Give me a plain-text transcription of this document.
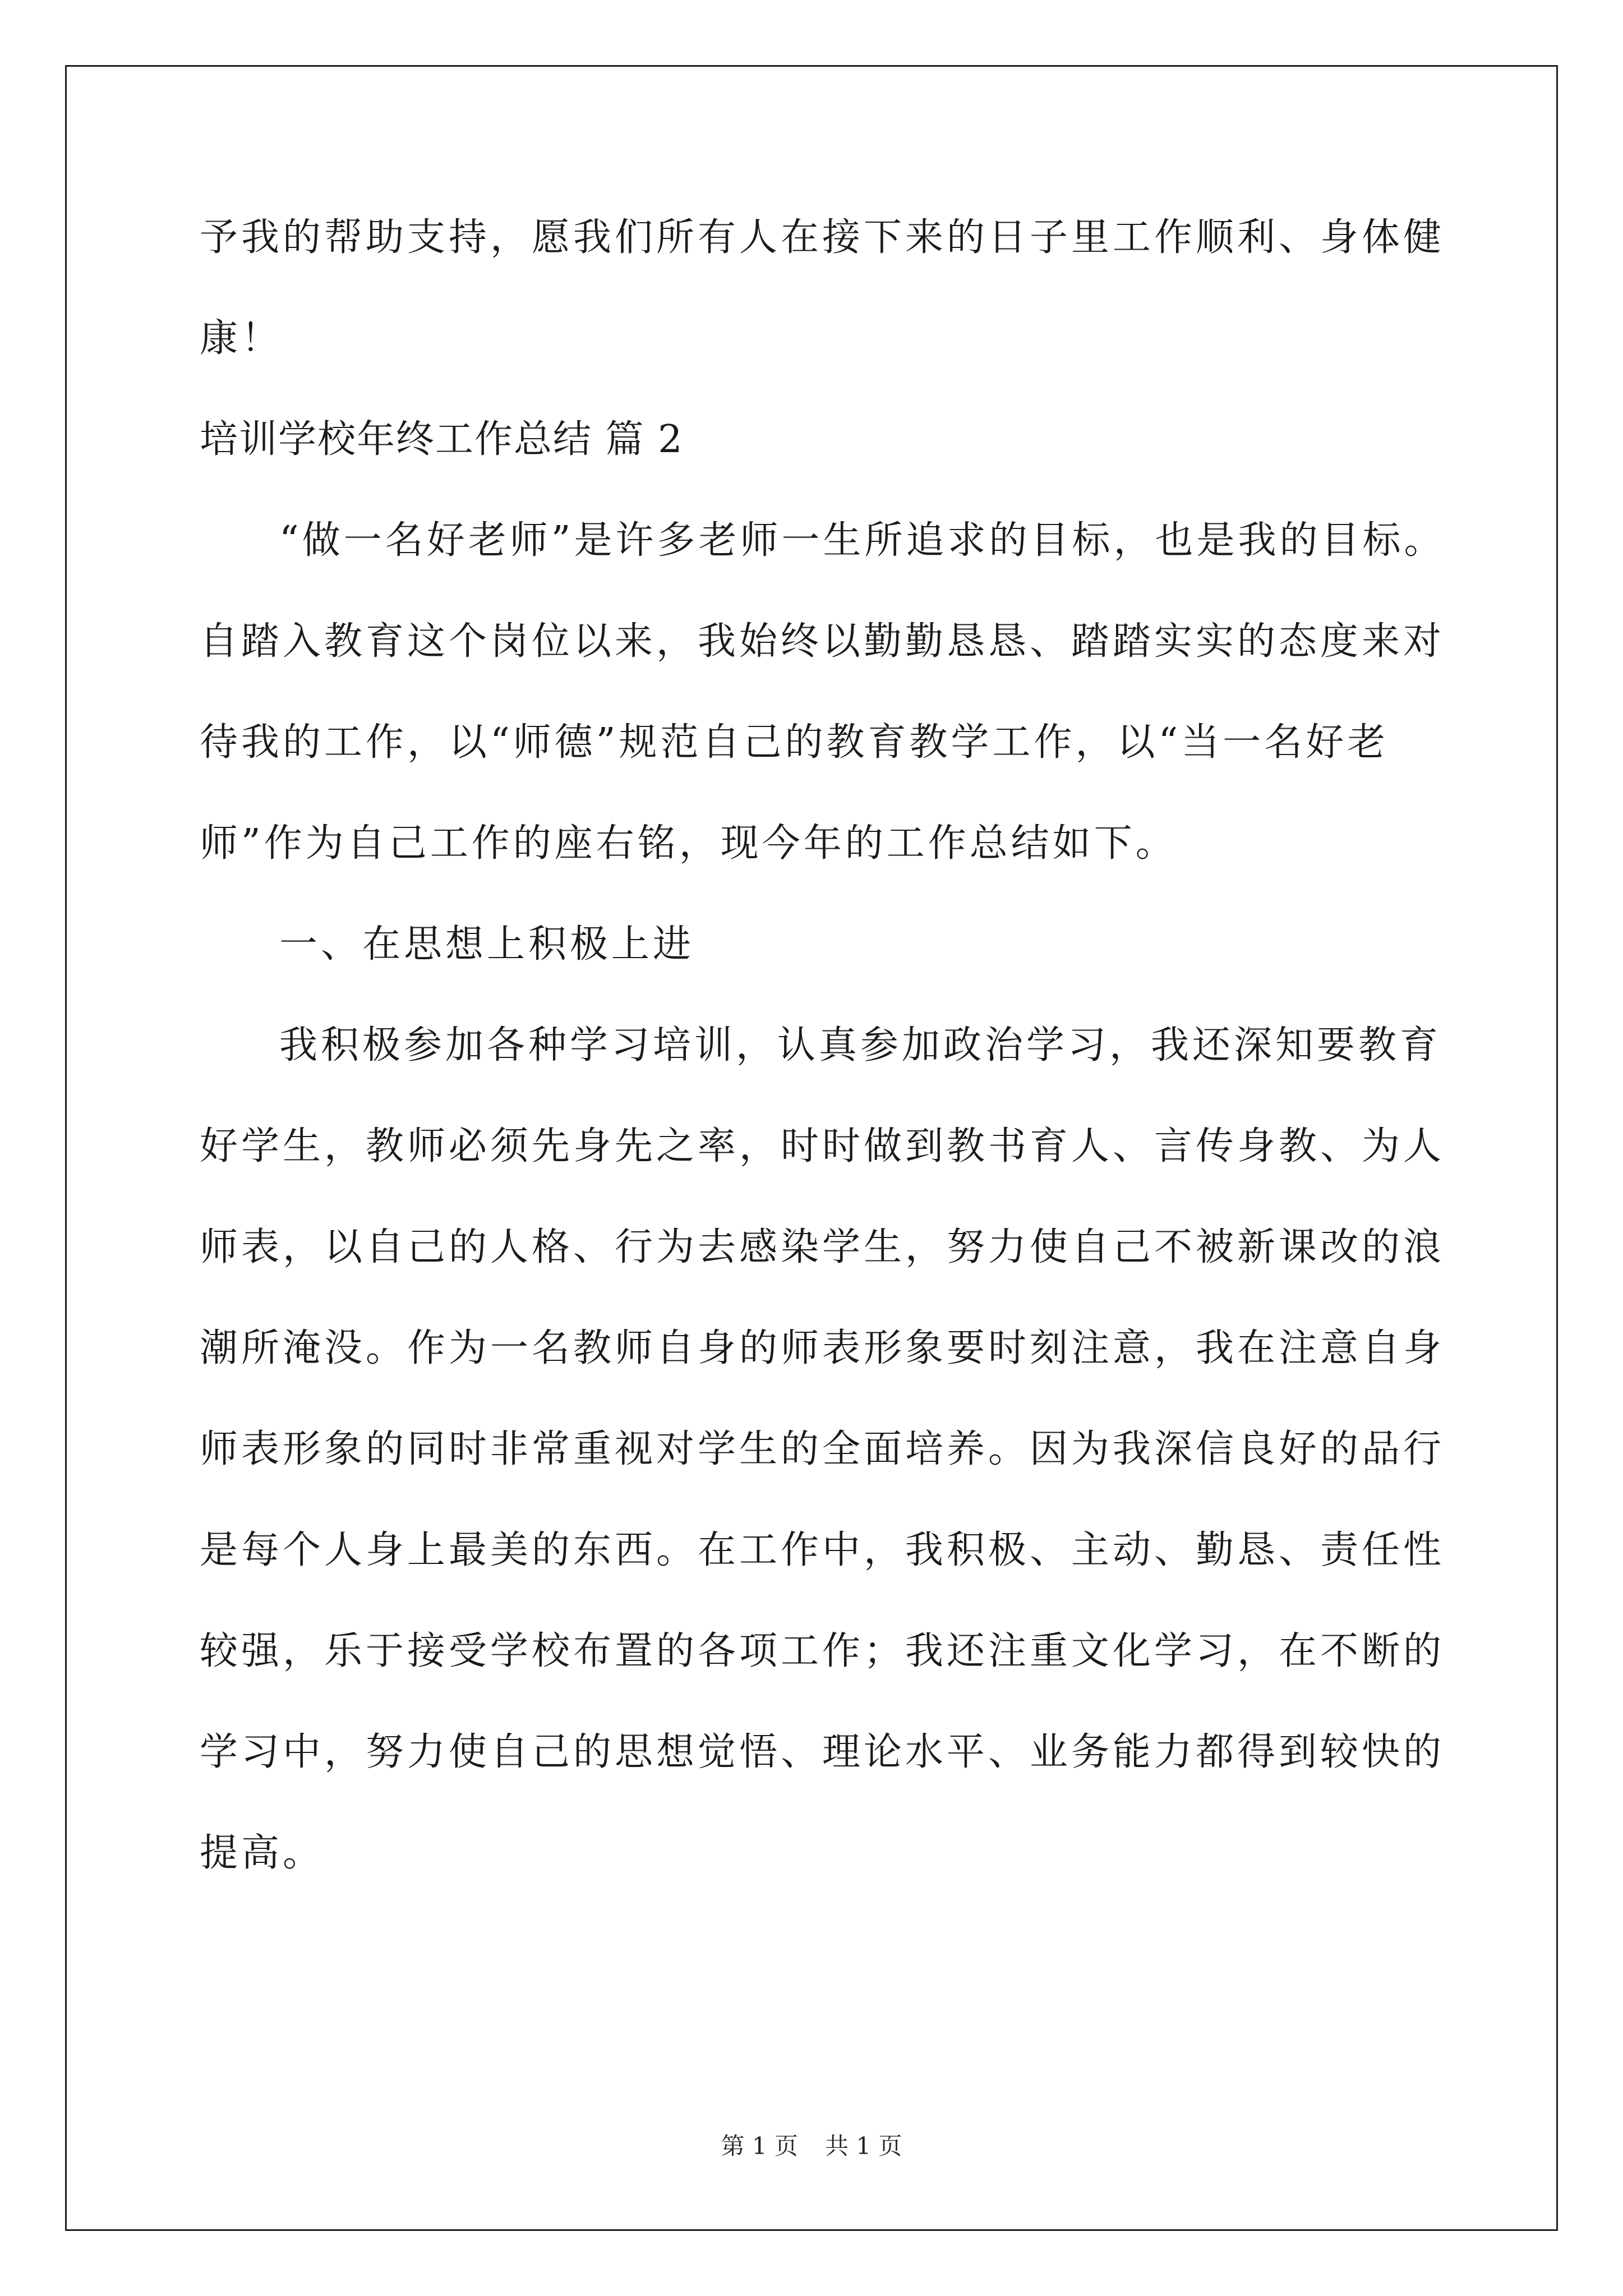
予我的帮助支持，愿我们所有人在接下来的日子里工作顺利、身体健
康！
培训学校年终工作总结 篇 2
“做一名好老师”是许多老师一生所追求的目标，也是我的目标。
自踏入教育这个岗位以来，我始终以勤勤恳恳、踏踏实实的态度来对
待我的工作，以“师德”规范自己的教育教学工作，以“当一名好老
师”作为自己工作的座右铭，现今年的工作总结如下。
一、在思想上积极上进
我积极参加各种学习培训，认真参加政治学习，我还深知要教育
好学生，教师必须先身先之率，时时做到教书育人、言传身教、为人
师表，以自己的人格、行为去感染学生，努力使自己不被新课改的浪
潮所淹没。作为一名教师自身的师表形象要时刻注意，我在注意自身
师表形象的同时非常重视对学生的全面培养。因为我深信良好的品行
是每个人身上最美的东西。在工作中，我积极、主动、勤恳、责任性
较强，乐于接受学校布置的各项工作；我还注重文化学习，在不断的
学习中，努力使自己的思想觉悟、理论水平、业务能力都得到较快的
提高。
第 1 页 共 1 页
